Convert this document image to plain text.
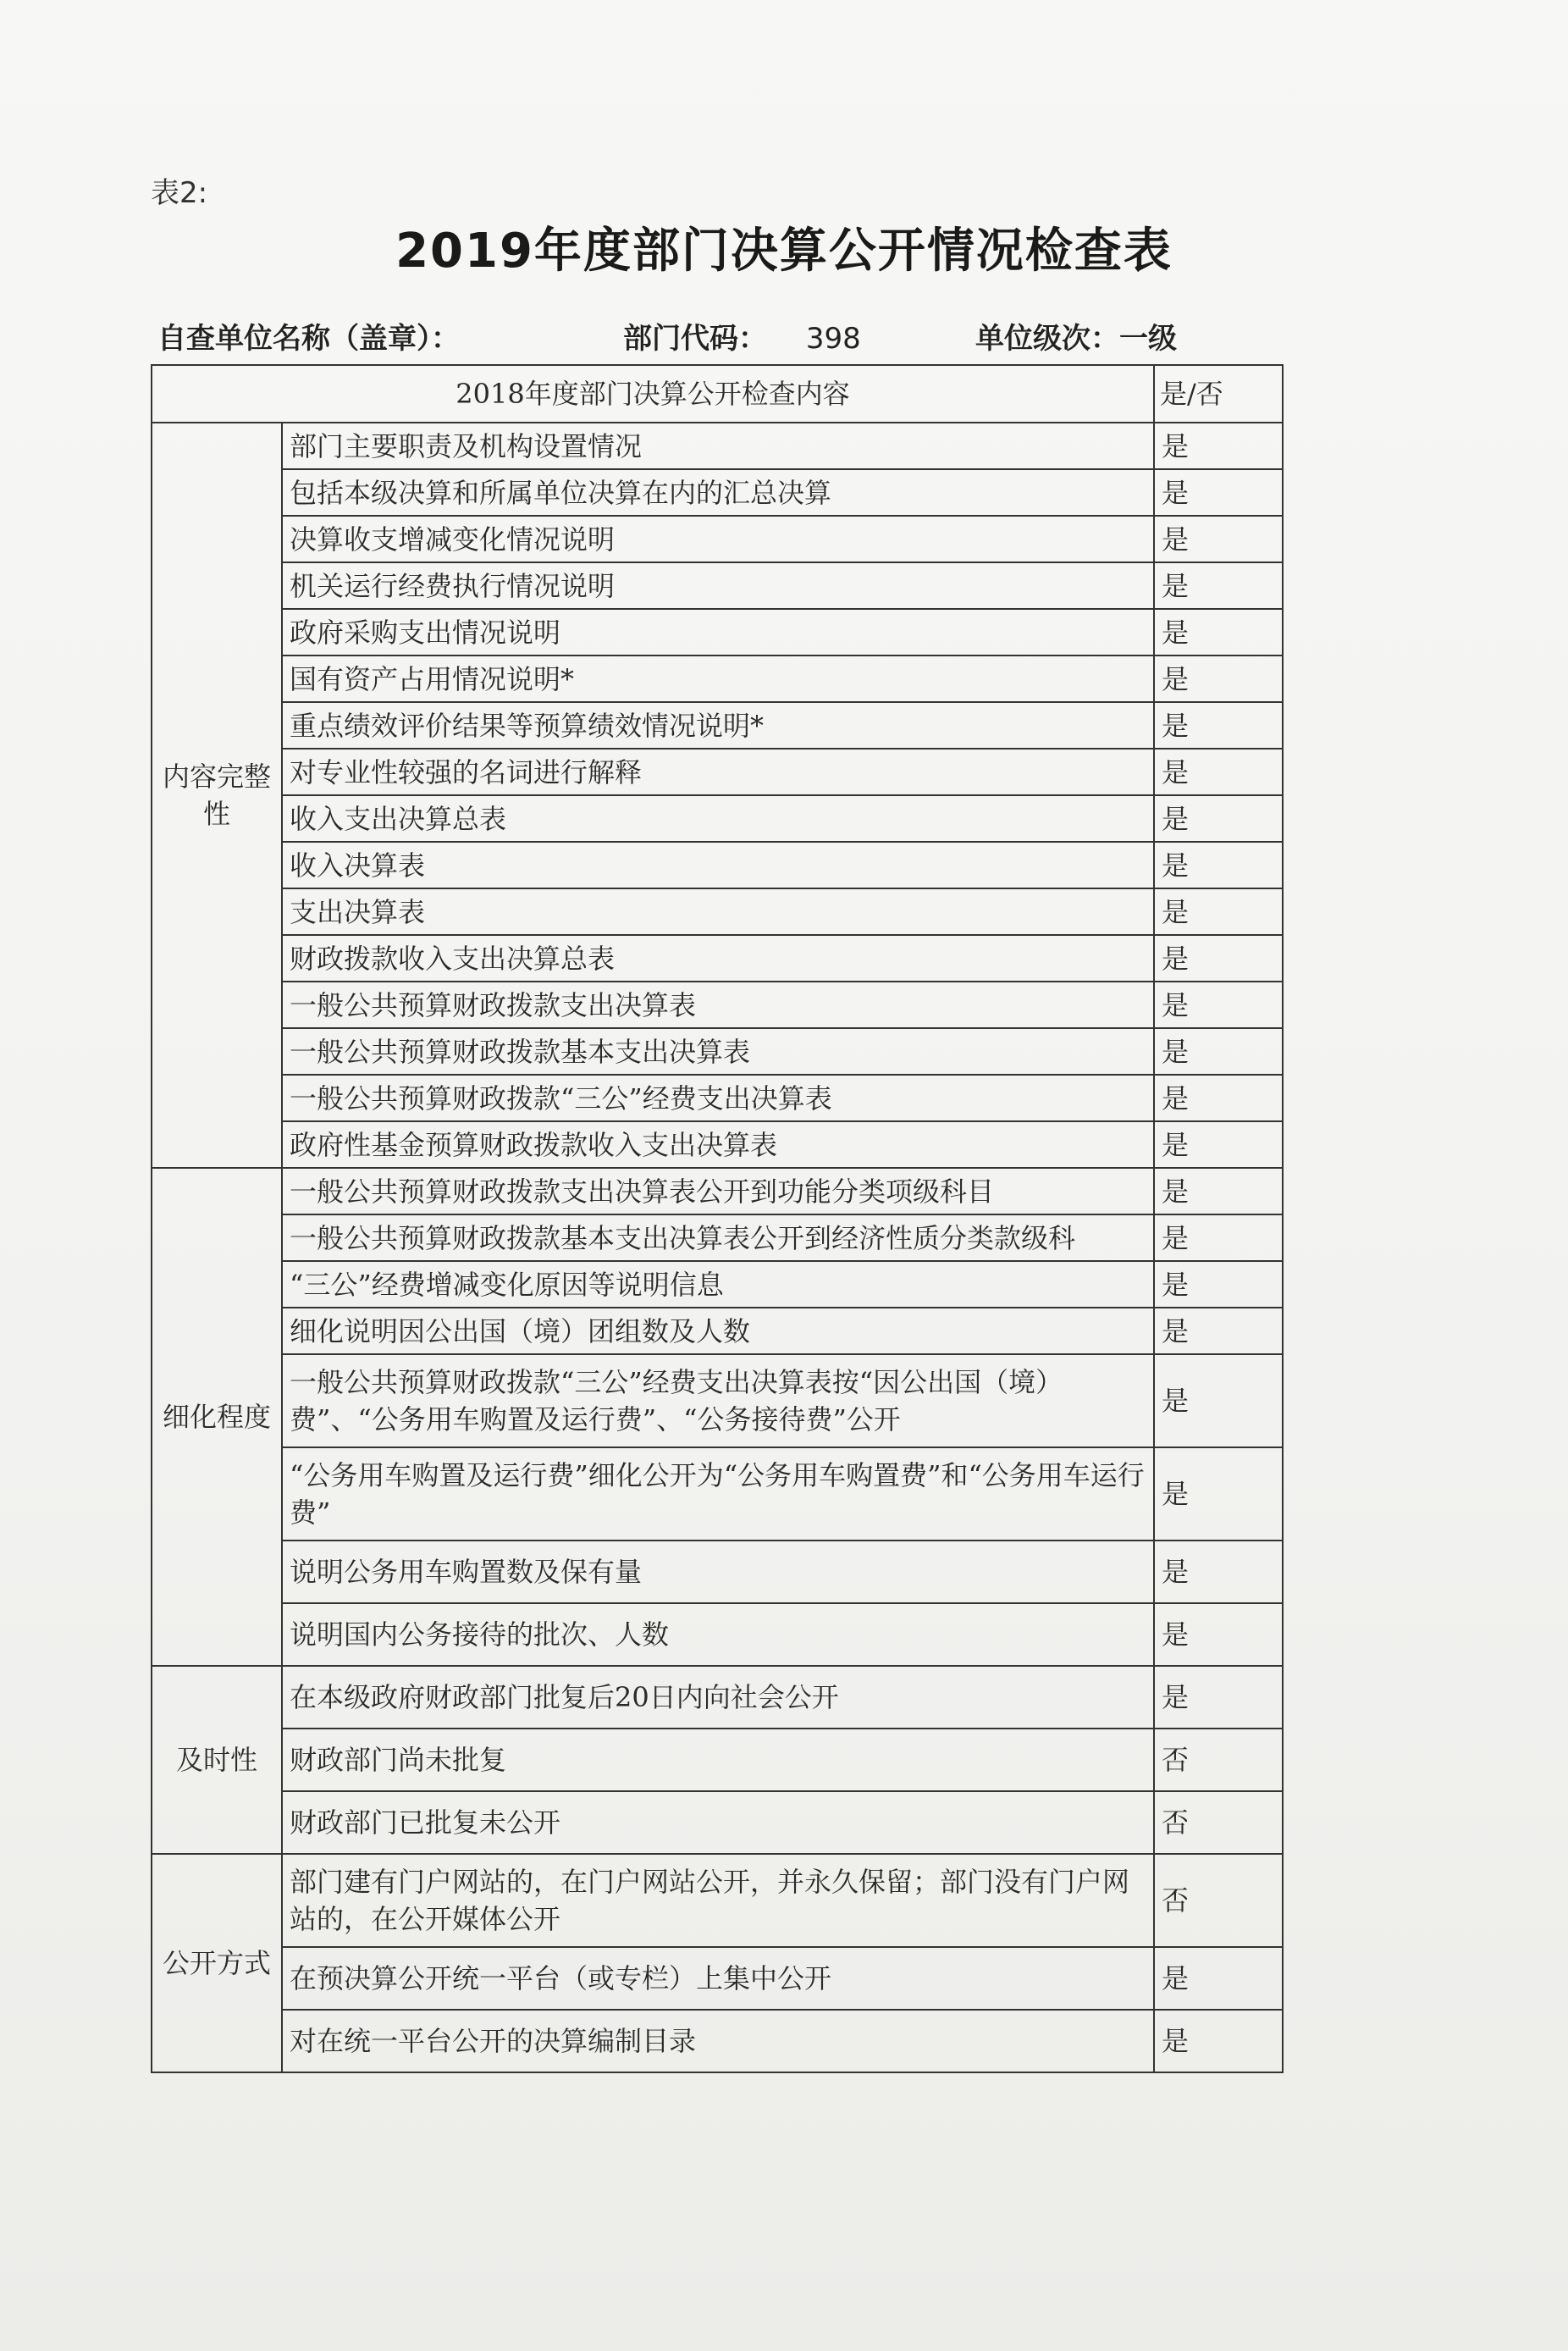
表2:
2019年度部门决算公开情况检查表
自查单位名称（盖章）：	部门代码： 398	单位级次：一级
2018年度部门决算公开检查内容		是/否
内容完整性	部门主要职责及机构设置情况	是
	包括本级决算和所属单位决算在内的汇总决算	是
	决算收支增减变化情况说明	是
	机关运行经费执行情况说明	是
	政府采购支出情况说明	是
	国有资产占用情况说明*	是
	重点绩效评价结果等预算绩效情况说明*	是
	对专业性较强的名词进行解释	是
	收入支出决算总表	是
	收入决算表	是
	支出决算表	是
	财政拨款收入支出决算总表	是
	一般公共预算财政拨款支出决算表	是
	一般公共预算财政拨款基本支出决算表	是
	一般公共预算财政拨款“三公”经费支出决算表	是
	政府性基金预算财政拨款收入支出决算表	是
细化程度	一般公共预算财政拨款支出决算表公开到功能分类项级科目	是
	一般公共预算财政拨款基本支出决算表公开到经济性质分类款级科	是
	“三公”经费增减变化原因等说明信息	是
	细化说明因公出国（境）团组数及人数	是
	一般公共预算财政拨款“三公”经费支出决算表按“因公出国（境）费”、“公务用车购置及运行费”、“公务接待费”公开	是
	“公务用车购置及运行费”细化公开为“公务用车购置费”和“公务用车运行费”	是
	说明公务用车购置数及保有量	是
	说明国内公务接待的批次、人数	是
及时性	在本级政府财政部门批复后20日内向社会公开	是
	财政部门尚未批复	否
	财政部门已批复未公开	否
公开方式	部门建有门户网站的，在门户网站公开，并永久保留；部门没有门户网站的，在公开媒体公开	否
	在预决算公开统一平台（或专栏）上集中公开	是
	对在统一平台公开的决算编制目录	是
